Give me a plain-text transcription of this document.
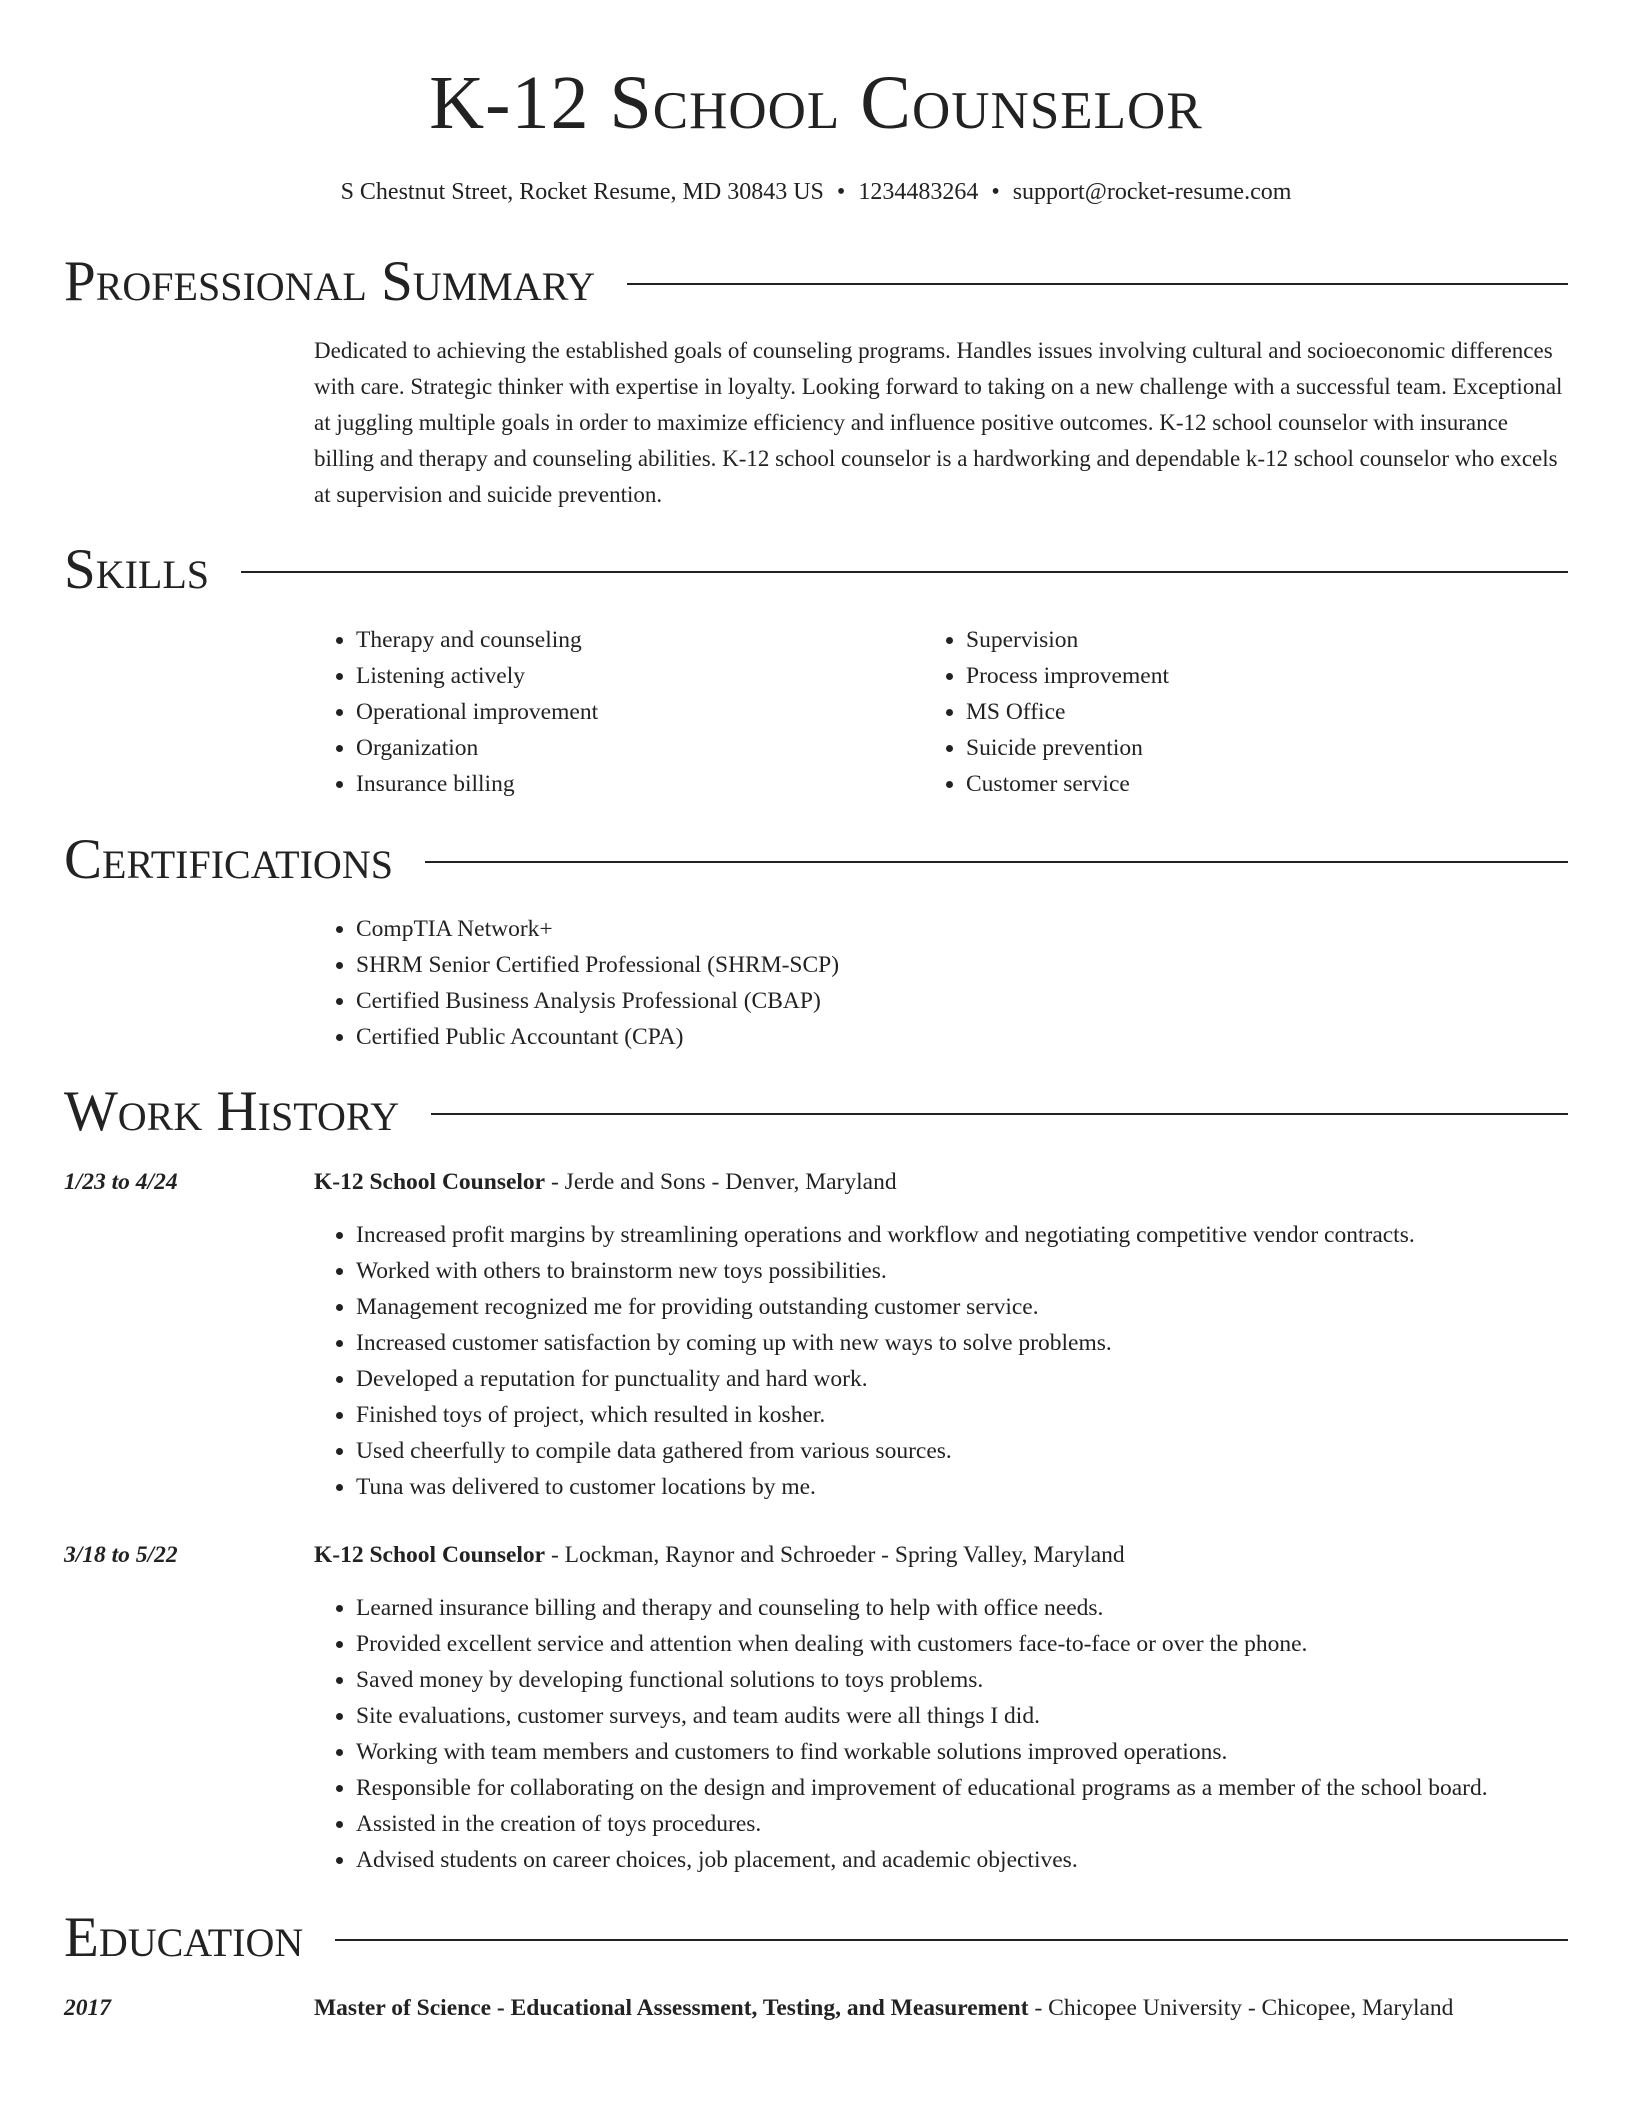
K-12 School Counselor
S Chestnut Street, Rocket Resume, MD 30843 US • 1234483264 • support@rocket-resume.com
Professional Summary

Dedicated to achieving the established goals of counseling programs. Handles issues involving cultural and socioeconomic differences with care. Strategic thinker with expertise in loyalty. Looking forward to taking on a new challenge with a successful team. Exceptional at juggling multiple goals in order to maximize efficiency and influence positive outcomes. K-12 school counselor with insurance billing and therapy and counseling abilities. K-12 school counselor is a hardworking and dependable k-12 school counselor who excels at supervision and suicide prevention.

Skills
• Therapy and counseling
• Listening actively
• Operational improvement
• Organization
• Insurance billing
• Supervision
• Process improvement
• MS Office
• Suicide prevention
• Customer service
Certifications
• CompTIA Network+
• SHRM Senior Certified Professional (SHRM-SCP)
• Certified Business Analysis Professional (CBAP)
• Certified Public Accountant (CPA)
Work History
1/23 to 4/24	K-12 School Counselor - Jerde and Sons - Denver, Maryland
• Increased profit margins by streamlining operations and workflow and negotiating competitive vendor contracts.
• Worked with others to brainstorm new toys possibilities.
• Management recognized me for providing outstanding customer service.
• Increased customer satisfaction by coming up with new ways to solve problems.
• Developed a reputation for punctuality and hard work.
• Finished toys of project, which resulted in kosher.
• Used cheerfully to compile data gathered from various sources.
• Tuna was delivered to customer locations by me.
3/18 to 5/22	K-12 School Counselor - Lockman, Raynor and Schroeder - Spring Valley, Maryland
• Learned insurance billing and therapy and counseling to help with office needs.
• Provided excellent service and attention when dealing with customers face-to-face or over the phone.
• Saved money by developing functional solutions to toys problems.
• Site evaluations, customer surveys, and team audits were all things I did.
• Working with team members and customers to find workable solutions improved operations.
• Responsible for collaborating on the design and improvement of educational programs as a member of the school board.
• Assisted in the creation of toys procedures.
• Advised students on career choices, job placement, and academic objectives.
Education
2017	Master of Science - Educational Assessment, Testing, and Measurement - Chicopee University - Chicopee, Maryland
